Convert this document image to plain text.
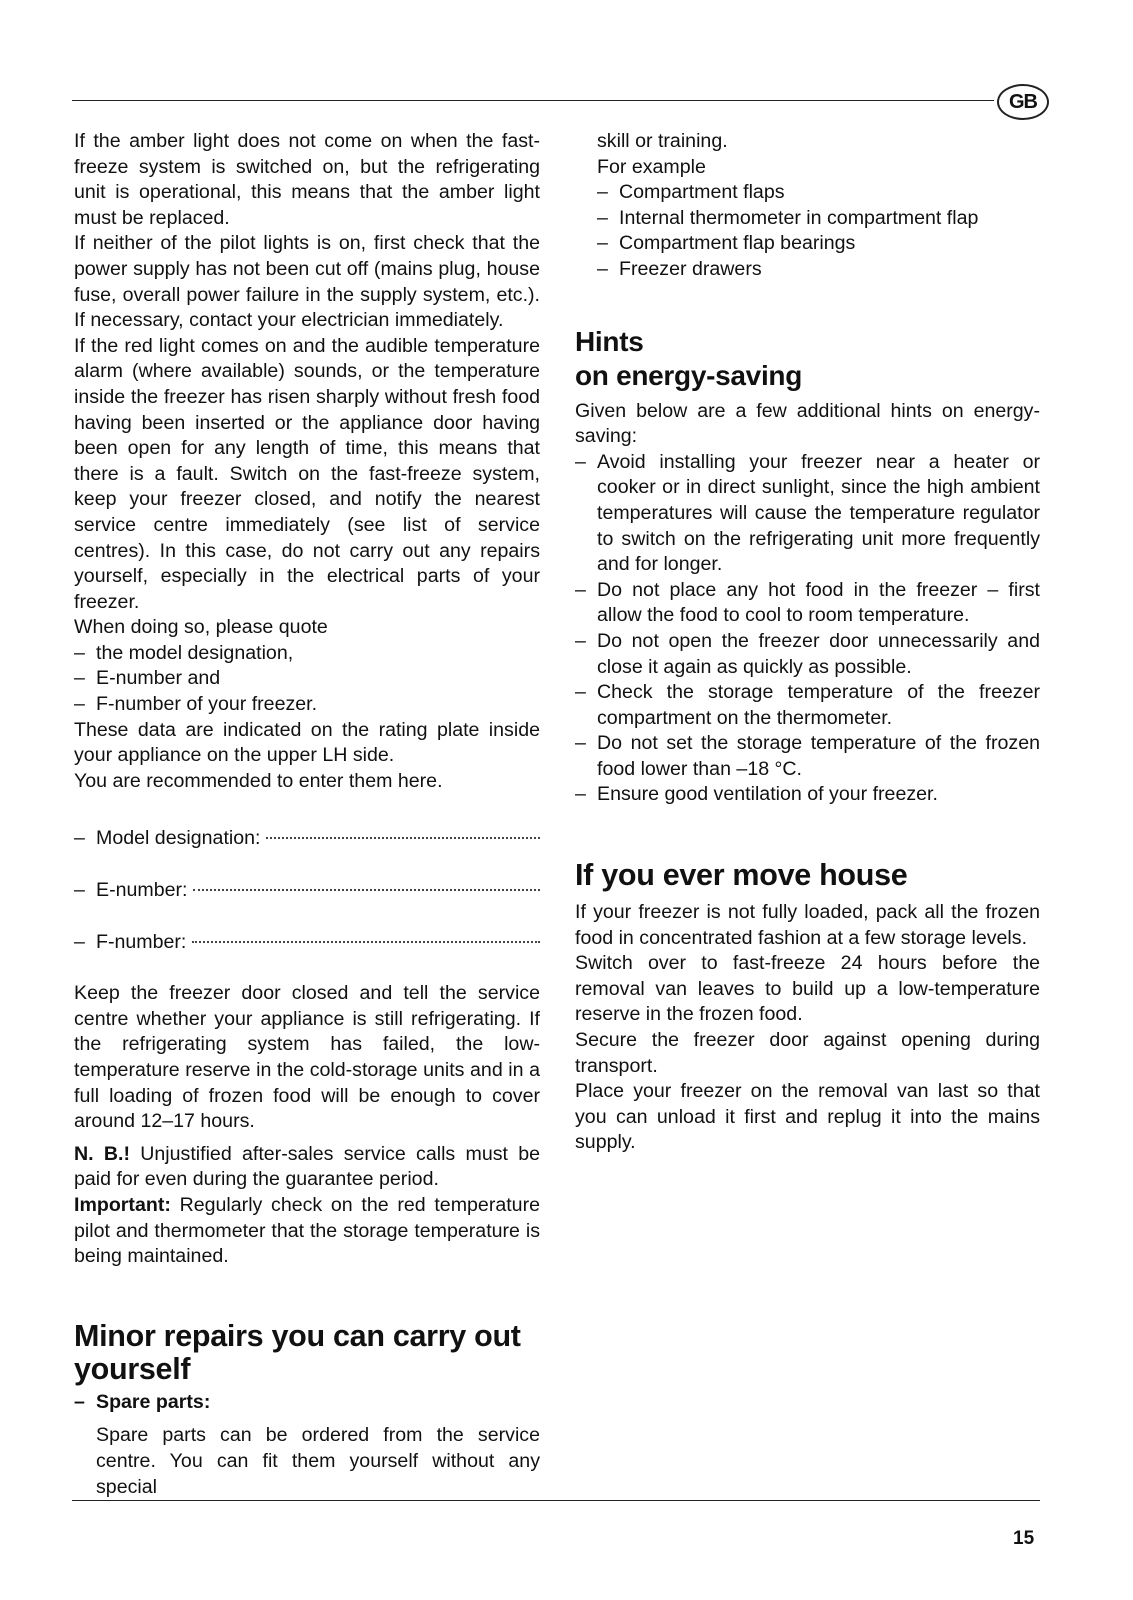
GB

If the amber light does not come on when the fast-freeze system is switched on, but the refrigerating unit is operational, this means that the amber light must be replaced.

If neither of the pilot lights is on, first check that the power supply has not been cut off (mains plug, house fuse, overall power failure in the supply system, etc.). If necessary, contact your electrician immediately.

If the red light comes on and the audible temperature alarm (where available) sounds, or the temperature inside the freezer has risen sharply without fresh food having been inserted or the appliance door having been open for any length of time, this means that there is a fault. Switch on the fast-freeze system, keep your freezer closed, and notify the nearest service centre immediately (see list of service centres). In this case, do not carry out any repairs yourself, especially in the electrical parts of your freezer.

When doing so, please quote

– the model designation,
– E-number and
– F-number of your freezer.

These data are indicated on the rating plate inside your appliance on the upper LH side.

You are recommended to enter them here.

– Model designation:
– E-number:
– F-number:

Keep the freezer door closed and tell the service centre whether your appliance is still refrigerating. If the refrigerating system has failed, the low-temperature reserve in the cold-storage units and in a full loading of frozen food will be enough to cover around 12–17 hours.

N. B.! Unjustified after-sales service calls must be paid for even during the guarantee period.

Important: Regularly check on the red temperature pilot and thermometer that the storage temperature is being maintained.

Minor repairs you can carry out yourself
– Spare parts:

Spare parts can be ordered from the service centre. You can fit them yourself without any special

skill or training.

For example

– Compartment flaps
– Internal thermometer in compartment flap
– Compartment flap bearings
– Freezer drawers
Hints
on energy-saving

Given below are a few additional hints on energy-saving:

– Avoid installing your freezer near a heater or cooker or in direct sunlight, since the high ambient temperatures will cause the temperature regulator to switch on the refrigerating unit more frequently and for longer.
– Do not place any hot food in the freezer – first allow the food to cool to room temperature.
– Do not open the freezer door unnecessarily and close it again as quickly as possible.
– Check the storage temperature of the freezer compartment on the thermometer.
– Do not set the storage temperature of the frozen food lower than –18 °C.
– Ensure good ventilation of your freezer.
If you ever move house

If your freezer is not fully loaded, pack all the frozen food in concentrated fashion at a few storage levels.

Switch over to fast-freeze 24 hours before the removal van leaves to build up a low-temperature reserve in the frozen food.

Secure the freezer door against opening during transport.

Place your freezer on the removal van last so that you can unload it first and replug it into the mains supply.

15
